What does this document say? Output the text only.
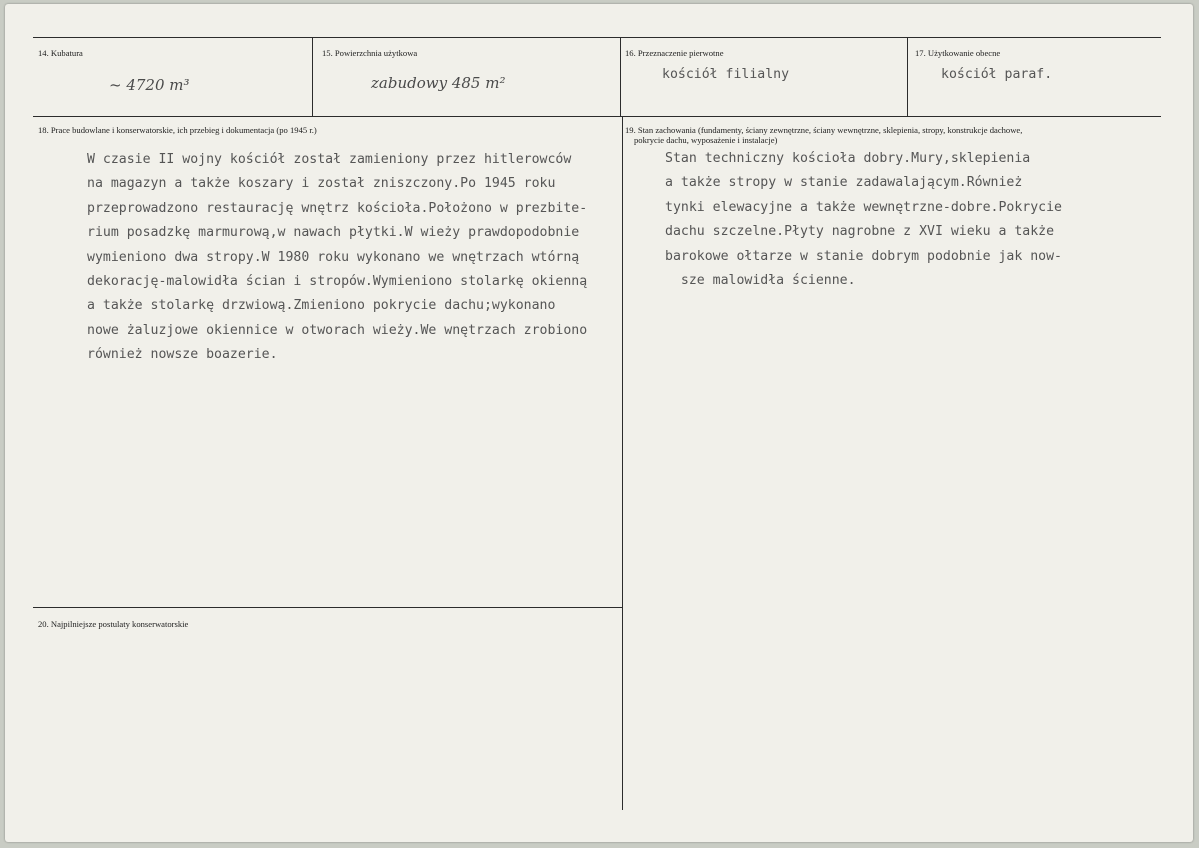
14. Kubatura
~ 4720 m³
15. Powierzchnia użytkowa
zabudowy 485 m²
16. Przeznaczenie pierwotne
kościół filialny
17. Użytkowanie obecne
kościół paraf.
18. Prace budowlane i konserwatorskie, ich przebieg i dokumentacja (po 1945 r.)
W czasie II wojny kościół został zamieniony przez hitlerowców
na magazyn a także koszary i został zniszczony.Po 1945 roku
przeprowadzono restaurację wnętrz kościoła.Położono w prezbite-
rium posadzkę marmurową,w nawach płytki.W wieży prawdopodobnie
wymieniono dwa stropy.W 1980 roku wykonano we wnętrzach wtórną
dekorację-malowidła ścian i stropów.Wymieniono stolarkę okienną
a także stolarkę drzwiową.Zmieniono pokrycie dachu;wykonano
nowe żaluzjowe okiennice w otworach wieży.We wnętrzach zrobiono
również nowsze boazerie.
19. Stan zachowania (fundamenty, ściany zewnętrzne, ściany wewnętrzne, sklepienia, stropy, konstrukcje dachowe,
pokrycie dachu, wyposażenie i instalacje)
Stan techniczny kościoła dobry.Mury,sklepienia
a także stropy w stanie zadawalającym.Również
tynki elewacyjne a także wewnętrzne-dobre.Pokrycie
dachu szczelne.Płyty nagrobne z XVI wieku a także
barokowe ołtarze w stanie dobrym podobnie jak now-
sze malowidła ścienne.
20. Najpilniejsze postulaty konserwatorskie
